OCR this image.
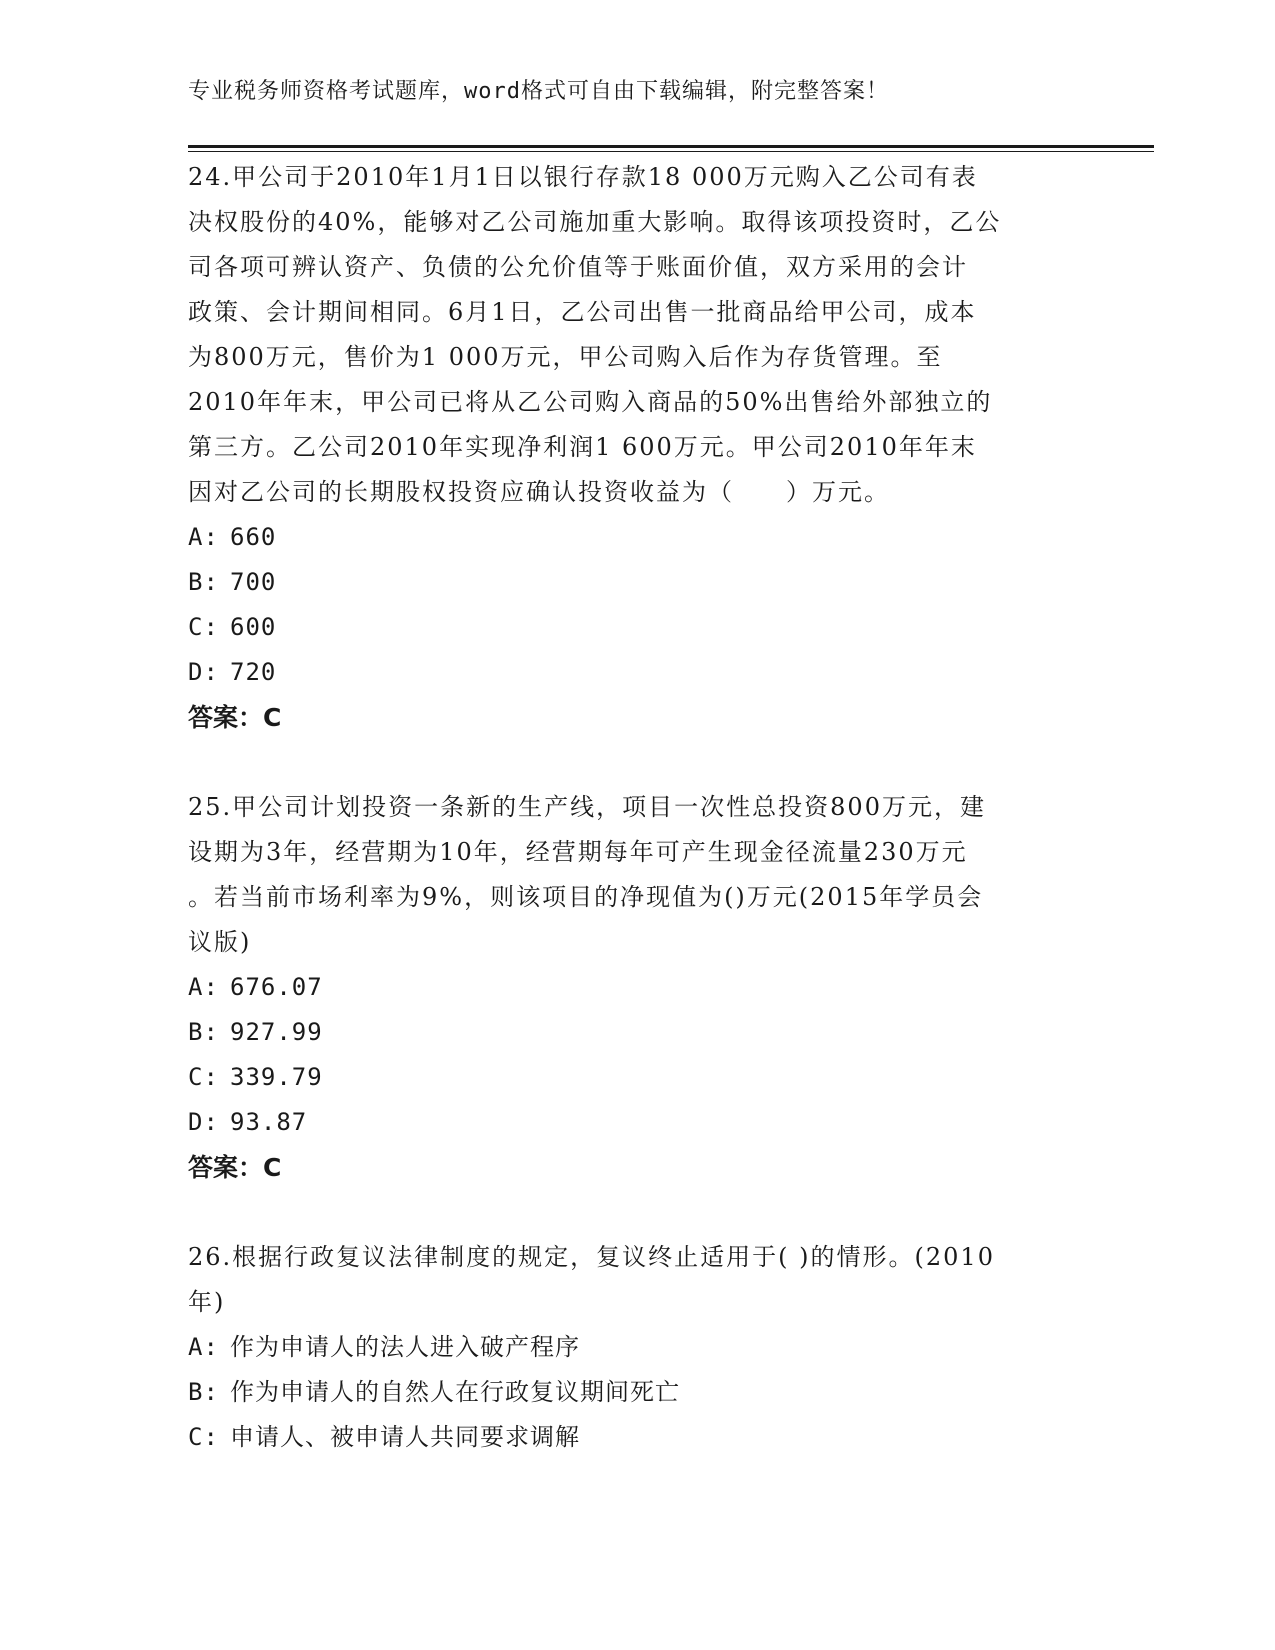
专业税务师资格考试题库，word格式可自由下载编辑，附完整答案！

24.甲公司于2010年1月1日以银行存款18 000万元购入乙公司有表

决权股份的40%，能够对乙公司施加重大影响。取得该项投资时，乙公

司各项可辨认资产、负债的公允价值等于账面价值，双方采用的会计

政策、会计期间相同。6月1日，乙公司出售一批商品给甲公司，成本

为800万元，售价为1 000万元，甲公司购入后作为存货管理。至

2010年年末，甲公司已将从乙公司购入商品的50%出售给外部独立的

第三方。乙公司2010年实现净利润1 600万元。甲公司2010年年末

因对乙公司的长期股权投资应确认投资收益为（　　）万元。

A: 660

B: 700

C: 600

D: 720

答案：C

25.甲公司计划投资一条新的生产线，项目一次性总投资800万元，建

设期为3年，经营期为10年，经营期每年可产生现金径流量230万元

。若当前市场利率为9%，则该项目的净现值为()万元(2015年学员会

议版)

A: 676.07

B: 927.99

C: 339.79

D: 93.87

答案：C

26.根据行政复议法律制度的规定，复议终止适用于( )的情形。(2010

年)

A: 作为申请人的法人进入破产程序

B: 作为申请人的自然人在行政复议期间死亡

C: 申请人、被申请人共同要求调解
